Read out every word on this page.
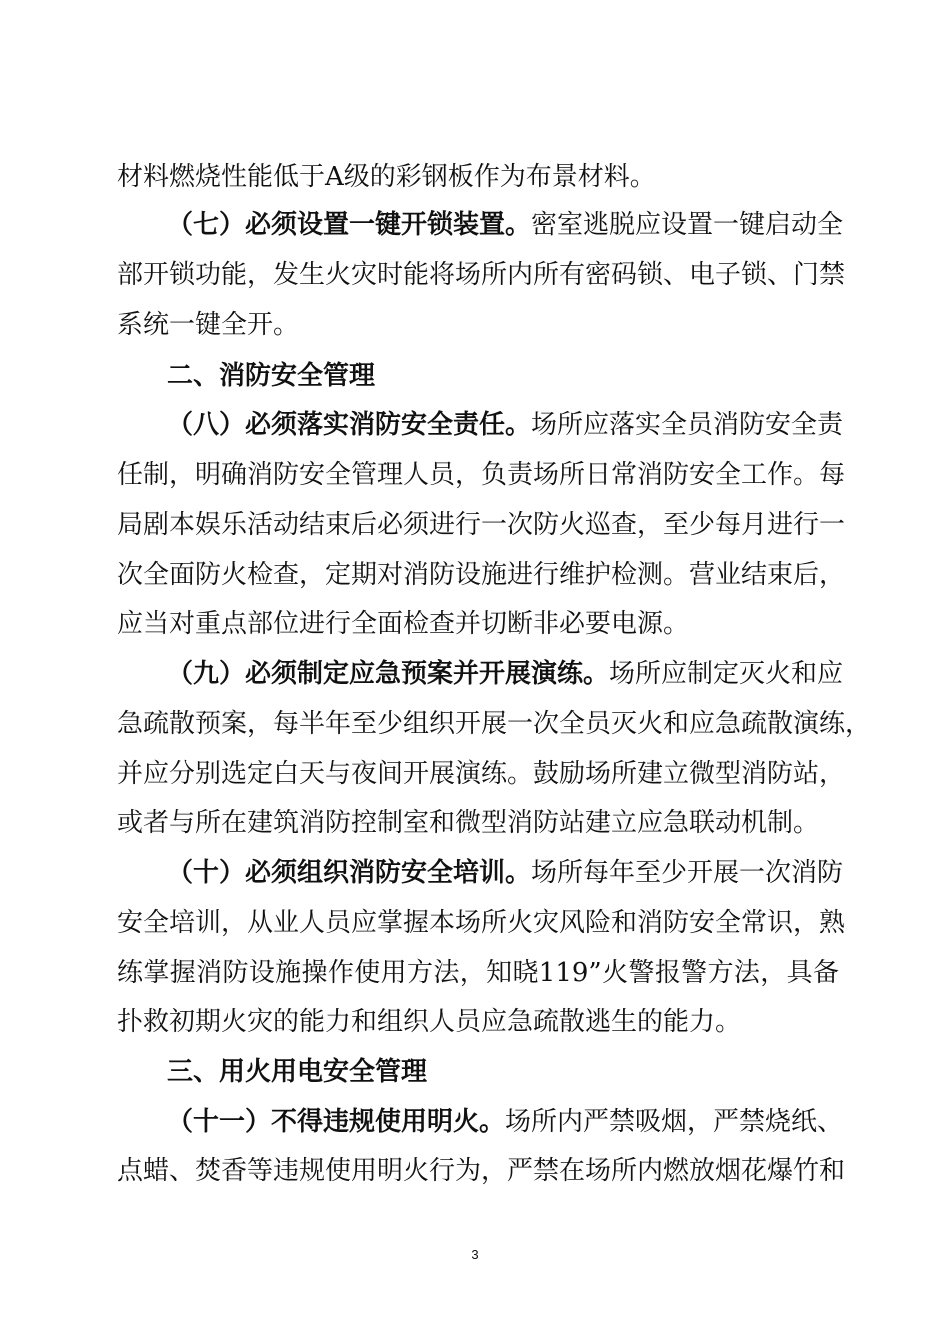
材料燃烧性能低于A级的彩钢板作为布景材料。
（七）必须设置一键开锁装置。密室逃脱应设置一键启动全
部开锁功能，发生火灾时能将场所内所有密码锁、电子锁、门禁
系统一键全开。
二、消防安全管理
（八）必须落实消防安全责任。场所应落实全员消防安全责
任制，明确消防安全管理人员，负责场所日常消防安全工作。每
局剧本娱乐活动结束后必须进行一次防火巡查，至少每月进行一
次全面防火检查，定期对消防设施进行维护检测。营业结束后，
应当对重点部位进行全面检查并切断非必要电源。
（九）必须制定应急预案并开展演练。场所应制定灭火和应
急疏散预案，每半年至少组织开展一次全员灭火和应急疏散演练，
并应分别选定白天与夜间开展演练。鼓励场所建立微型消防站，
或者与所在建筑消防控制室和微型消防站建立应急联动机制。
（十）必须组织消防安全培训。场所每年至少开展一次消防
安全培训，从业人员应掌握本场所火灾风险和消防安全常识，熟
练掌握消防设施操作使用方法，知晓119”火警报警方法，具备
扑救初期火灾的能力和组织人员应急疏散逃生的能力。
三、用火用电安全管理
（十一）不得违规使用明火。场所内严禁吸烟，严禁烧纸、
点蜡、焚香等违规使用明火行为，严禁在场所内燃放烟花爆竹和
3
